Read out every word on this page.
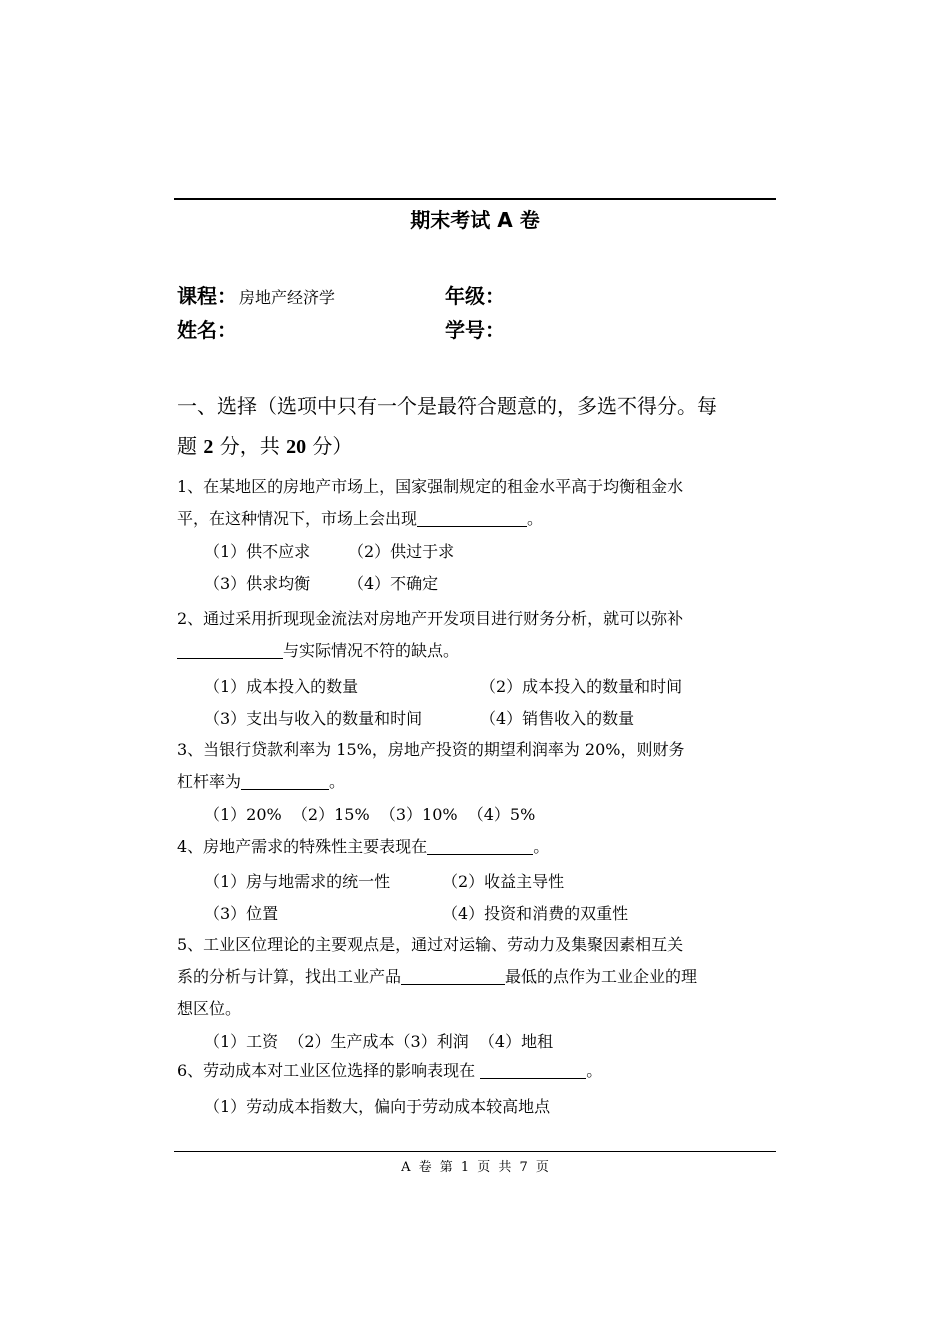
期末考试 A 卷
课程： 房地产经济学	年级：
姓名：	学号：
一、选择（选项中只有一个是最符合题意的，多选不得分。每
题 2 分，共 20 分）
1、在某地区的房地产市场上，国家强制规定的租金水平高于均衡租金水
平，在这种情况下，市场上会出现	。
（1）供不应求 （2）供过于求
（3）供求均衡 （4）不确定
2、通过采用折现现金流法对房地产开发项目进行财务分析，就可以弥补
与实际情况不符的缺点。
（1）成本投入的数量	（2）成本投入的数量和时间
（3）支出与收入的数量和时间	（4）销售收入的数量
3、当银行贷款利率为 15%，房地产投资的期望利润率为 20%，则财务
杠杆率为	。
（1）20%  （2）15%  （3）10%  （4）5%
4、房地产需求的特殊性主要表现在	。
（1）房与地需求的统一性	（2）收益主导性
（3）位置	（4）投资和消费的双重性
5、工业区位理论的主要观点是，通过对运输、劳动力及集聚因素相互关
系的分析与计算，找出工业产品	最低的点作为工业企业的理
想区位。
（1）工资  （2）生产成本（3）利润  （4）地租
6、劳动成本对工业区位选择的影响表现在	。
（1）劳动成本指数大，偏向于劳动成本较高地点
A 卷 第 1 页 共 7 页
